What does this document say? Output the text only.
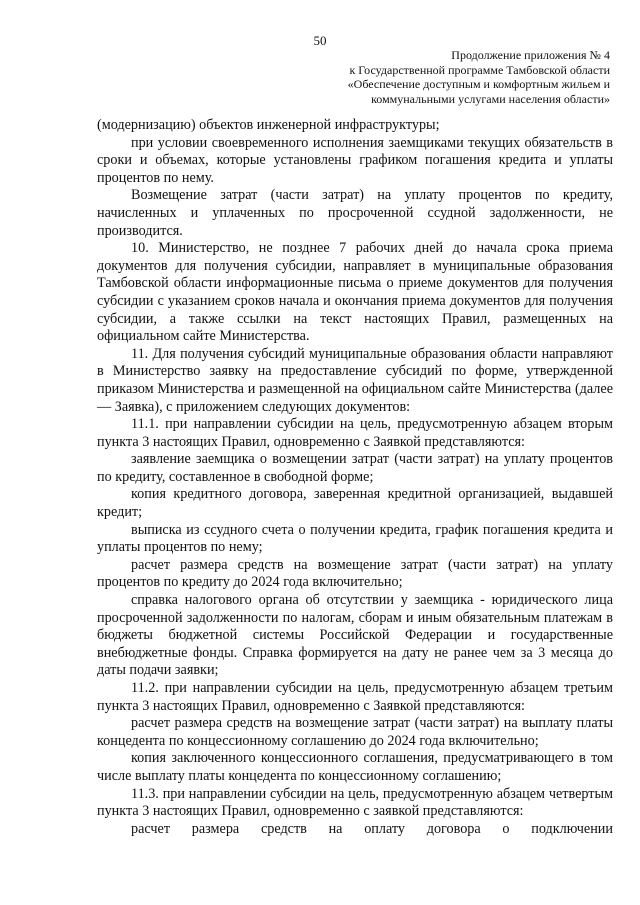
50
Продолжение приложения № 4
к Государственной программе Тамбовской области
«Обеспечение доступным и комфортным жильем и
коммунальными услугами населения области»

(модернизацию) объектов инженерной инфраструктуры;

при условии своевременного исполнения заемщиками текущих обязательств в сроки и объемах, которые установлены графиком погашения кредита и уплаты процентов по нему.

Возмещение затрат (части затрат) на уплату процентов по кредиту, начисленных и уплаченных по просроченной ссудной задолженности, не производится.

10. Министерство, не позднее 7 рабочих дней до начала срока приема документов для получения субсидии, направляет в муниципальные образования Тамбовской области информационные письма о приеме документов для получения субсидии с указанием сроков начала и окончания приема документов для получения субсидии, а также ссылки на текст настоящих Правил, размещенных на официальном сайте Министерства.

11. Для получения субсидий муниципальные образования области направляют в Министерство заявку на предоставление субсидий по форме, утвержденной приказом Министерства и размещенной на официальном сайте Министерства (далее — Заявка), с приложением следующих документов:

11.1. при направлении субсидии на цель, предусмотренную абзацем вторым пункта 3 настоящих Правил, одновременно с Заявкой представляются:

заявление заемщика о возмещении затрат (части затрат) на уплату процентов по кредиту, составленное в свободной форме;

копия кредитного договора, заверенная кредитной организацией, выдавшей кредит;

выписка из ссудного счета о получении кредита, график погашения кредита и уплаты процентов по нему;

расчет размера средств на возмещение затрат (части затрат) на уплату процентов по кредиту до 2024 года включительно;

справка налогового органа об отсутствии у заемщика - юридического лица просроченной задолженности по налогам, сборам и иным обязательным платежам в бюджеты бюджетной системы Российской Федерации и государственные внебюджетные фонды. Справка формируется на дату не ранее чем за 3 месяца до даты подачи заявки;

11.2. при направлении субсидии на цель, предусмотренную абзацем третьим пункта 3 настоящих Правил, одновременно с Заявкой представляются:

расчет размера средств на возмещение затрат (части затрат) на выплату платы концедента по концессионному соглашению до 2024 года включительно;

копия заключенного концессионного соглашения, предусматривающего в том числе выплату платы концедента по концессионному соглашению;

11.3. при направлении субсидии на цель, предусмотренную абзацем четвертым пункта 3 настоящих Правил, одновременно с заявкой представляются:

расчет размера средств на оплату договора о подключении
